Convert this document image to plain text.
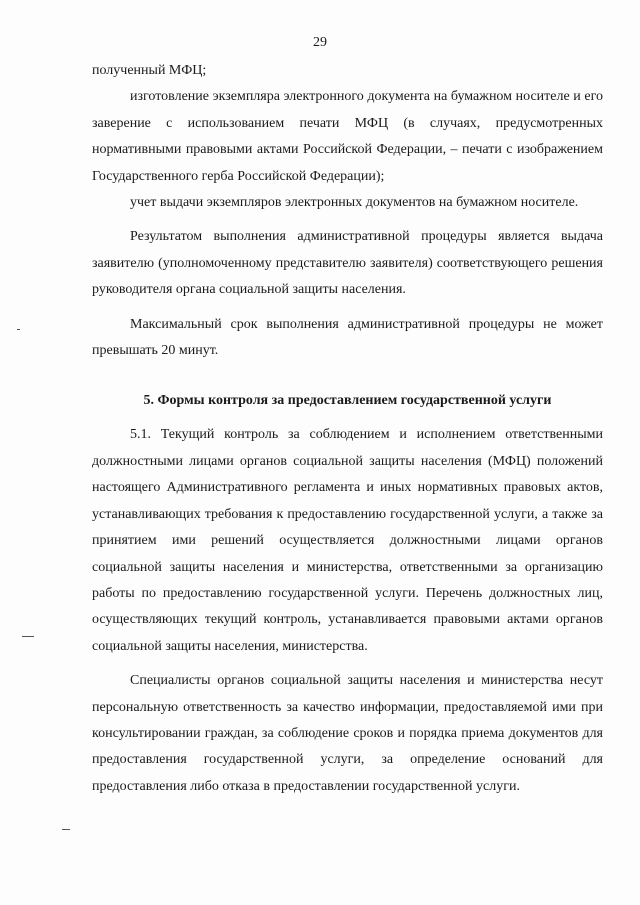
29

полученный МФЦ;

изготовление экземпляра электронного документа на бумажном носителе и его заверение с использованием печати МФЦ (в случаях, предусмотренных нормативными правовыми актами Российской Федерации, – печати с изображением Государственного герба Российской Федерации);

учет выдачи экземпляров электронных документов на бумажном носителе.

Результатом выполнения административной процедуры является выдача заявителю (уполномоченному представителю заявителя) соответствующего решения руководителя органа социальной защиты населения.

Максимальный срок выполнения административной процедуры не может превышать 20 минут.

5. Формы контроля за предоставлением государственной услуги

5.1. Текущий контроль за соблюдением и исполнением ответственными должностными лицами органов социальной защиты населения (МФЦ) положений настоящего Административного регламента и иных нормативных правовых актов, устанавливающих требования к предоставлению государственной услуги, а также за принятием ими решений осуществляется должностными лицами органов социальной защиты населения и министерства, ответственными за организацию работы по предоставлению государственной услуги. Перечень должностных лиц, осуществляющих текущий контроль, устанавливается правовыми актами органов социальной защиты населения, министерства.

Специалисты органов социальной защиты населения и министерства несут персональную ответственность за качество информации, предоставляемой ими при консультировании граждан, за соблюдение сроков и порядка приема документов для предоставления государственной услуги, за определение оснований для предоставления либо отказа в предоставлении государственной услуги.
